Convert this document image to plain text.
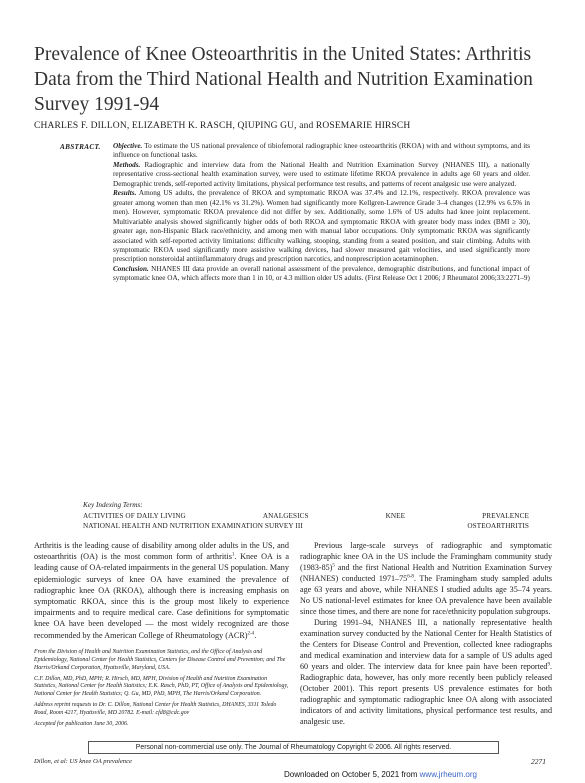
Prevalence of Knee Osteoarthritis in the United States: Arthritis Data from the Third National Health and Nutrition Examination Survey 1991-94
CHARLES F. DILLON, ELIZABETH K. RASCH, QIUPING GU, and ROSEMARIE HIRSCH
ABSTRACT. Objective. To estimate the US national prevalence of tibiofemoral radiographic knee osteoarthritis (RKOA) with and without symptoms, and its influence on functional tasks.

Methods. Radiographic and interview data from the National Health and Nutrition Examination Survey (NHANES III), a nationally representative cross-sectional health examination survey, were used to estimate lifetime RKOA prevalence in adults age 60 years and older. Demographic trends, self-reported activity limitations, physical performance test results, and patterns of recent analgesic use were analyzed.

Results. Among US adults, the prevalence of RKOA and symptomatic RKOA was 37.4% and 12.1%, respectively. RKOA prevalence was greater among women than men (42.1% vs 31.2%). Women had significantly more Kellgren-Lawrence Grade 3–4 changes (12.9% vs 6.5% in men). However, symptomatic RKOA prevalence did not differ by sex. Additionally, some 1.6% of US adults had knee joint replacement. Multivariable analysis showed significantly higher odds of both RKOA and symptomatic RKOA with greater body mass index (BMI ≥ 30), greater age, non-Hispanic Black race/ethnicity, and among men with manual labor occupations. Only symptomatic RKOA was significantly associated with self-reported activity limitations: difficulty walking, stooping, standing from a seated position, and stair climbing. Adults with symptomatic RKOA used significantly more assistive walking devices, had slower measured gait velocities, and used significantly more prescription nonsteroidal antiinflammatory drugs and prescription narcotics, and nonprescription acetaminophen.

Conclusion. NHANES III data provide an overall national assessment of the prevalence, demographic distributions, and functional impact of symptomatic knee OA, which affects more than 1 in 10, or 4.3 million older US adults. (First Release Oct 1 2006; J Rheumatol 2006;33:2271–9)

Key Indexing Terms:
ACTIVITIES OF DAILY LIVING	ANALGESICS	KNEE	PREVALENCE
NATIONAL HEALTH AND NUTRITION EXAMINATION SURVEY III	OSTEOARTHRITIS

Arthritis is the leading cause of disability among older adults in the US, and osteoarthritis (OA) is the most common form of arthritis$^1$. Knee OA is a leading cause of OA-related impairments in the general US population. Many epidemiologic surveys of knee OA have examined the prevalence of radiographic knee OA (RKOA), although there is increasing emphasis on symptomatic RKOA, since this is the group most likely to experience impairments and to require medical care. Case definitions for symptomatic knee OA have been developed — the most widely recognized are those recommended by the American College of Rheumatology (ACR)$^{2-4}$.

From the Division of Health and Nutrition Examination Statistics, and the Office of Analysis and Epidemiology, National Center for Health Statistics, Centers for Disease Control and Prevention; and The Harris/Orkand Corporation, Hyattsville, Maryland, USA.

C.F. Dillon, MD, PhD, MPH; R. Hirsch, MD, MPH, Division of Health and Nutrition Examination Statistics, National Center for Health Statistics; E.K. Rasch, PhD, PT, Office of Analysis and Epidemiology, National Center for Health Statistics; Q. Gu, MD, PhD, MPH, The Harris/Orkand Corporation.

Address reprint requests to Dr. C. Dillon, National Center for Health Statistics, DHANES, 3311 Toledo Road, Room 4217, Hyattsville, MD 20782. E-mail: cfd8@cdc.gov

Accepted for publication June 30, 2006.

Previous large-scale surveys of radiographic and symptomatic radiographic knee OA in the US include the Framingham community study (1983-85)$^5$ and the first National Health and Nutrition Examination Survey (NHANES) conducted 1971–75$^{6-8}$. The Framingham study sampled adults age 63 years and above, while NHANES I studied adults age 35–74 years. No US national-level estimates for knee OA prevalence have been available since those times, and there are none for race/ethnicity population subgroups.

During 1991–94, NHANES III, a nationally representative health examination survey conducted by the National Center for Health Statistics of the Centers for Disease Control and Prevention, collected knee radiographs and medical examination and interview data for a sample of US adults aged 60 years and older. The interview data for knee pain have been reported$^9$. Radiographic data, however, has only more recently been publicly released (October 2001). This report presents US prevalence estimates for both radiographic and symptomatic radiographic knee OA along with associated indicators of and activity limitations, physical performance test results, and analgesic use.

Personal non-commercial use only. The Journal of Rheumatology Copyright © 2006. All rights reserved.
Dillon, et al: US knee OA prevalence	2271
Downloaded on October 5, 2021 from www.jrheum.org
